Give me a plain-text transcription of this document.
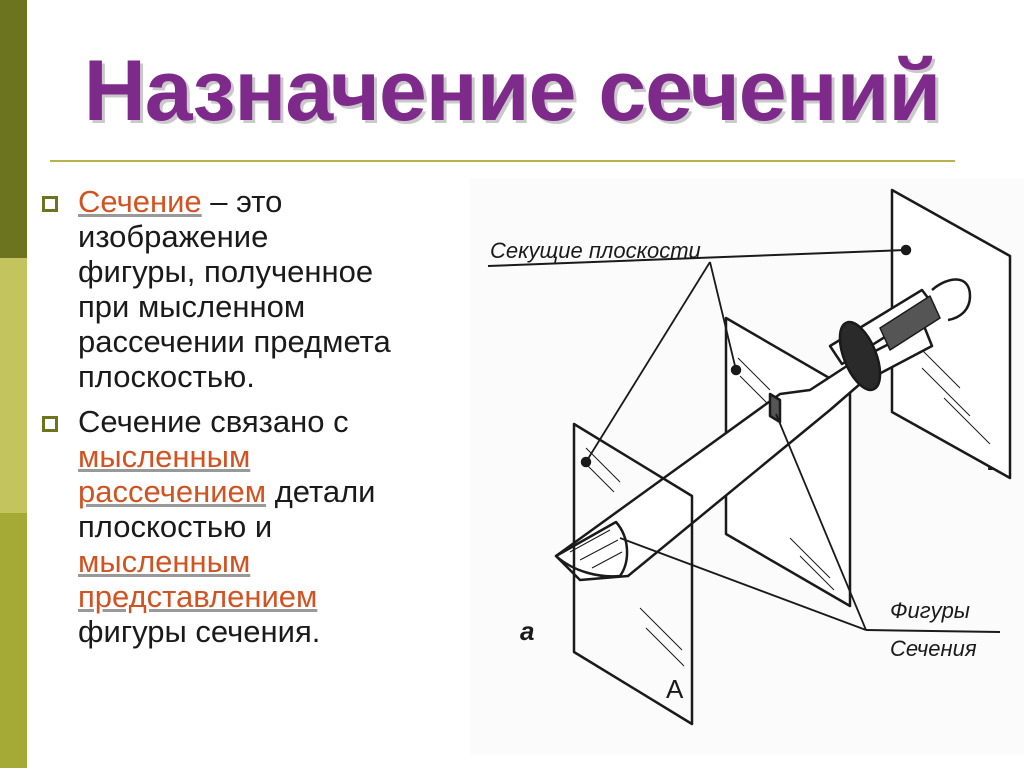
Назначение сечений
Сечение – это
изображение
фигуры, полученное
при мысленном
рассечении предмета
плоскостью.
Сечение связано с
мысленным
рассечением детали
плоскостью и
мысленным
представлением
фигуры сечения.
Секущие плоскости
Фигуры
Сечения
а
A
